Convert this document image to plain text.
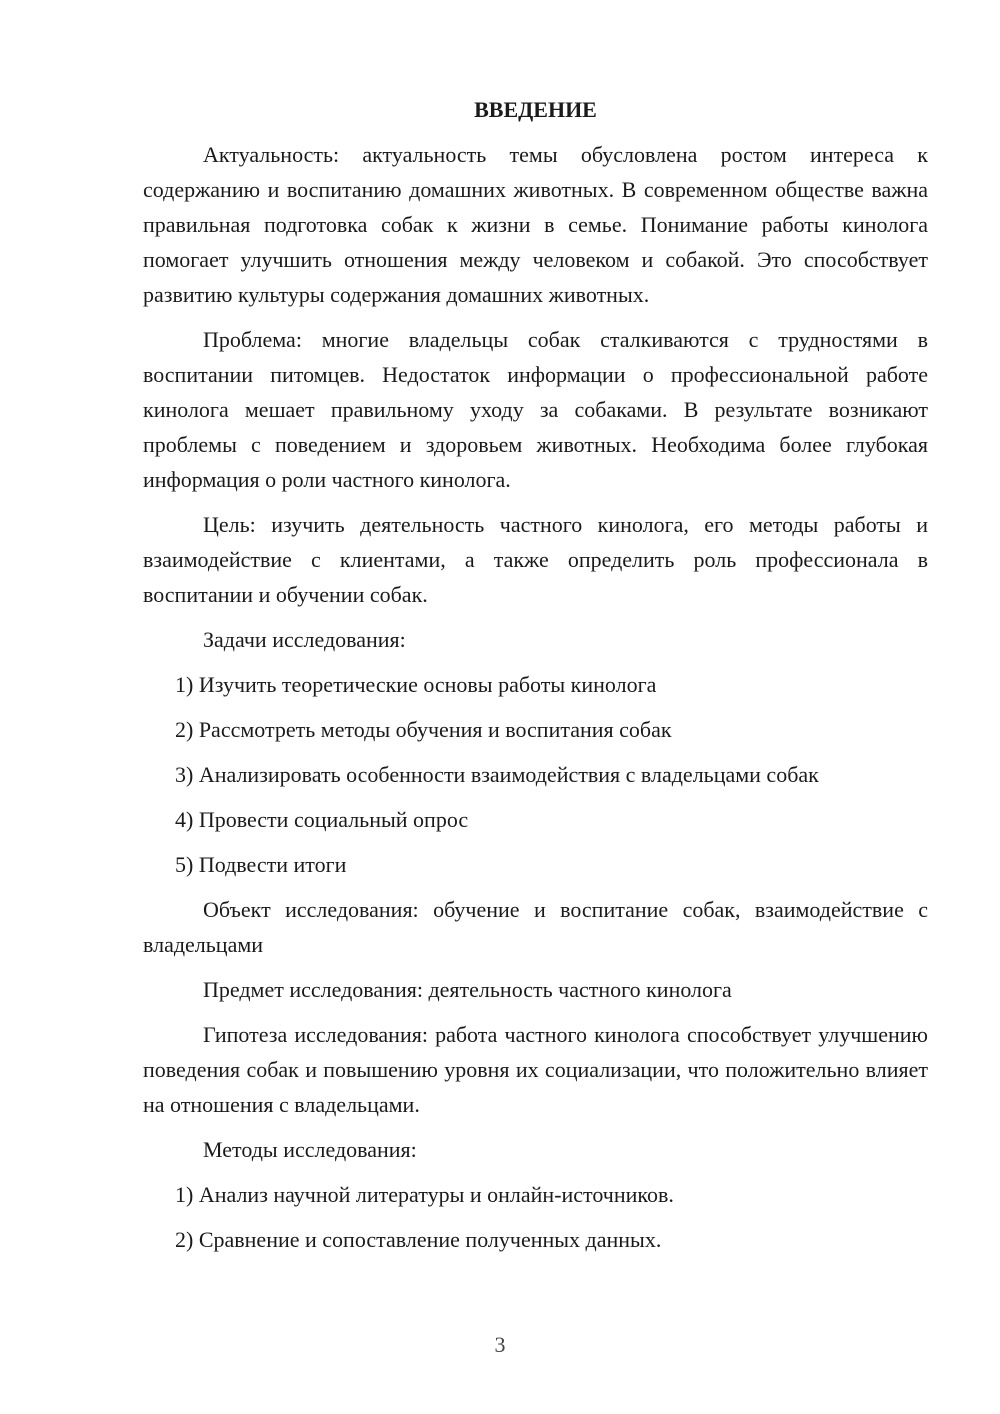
ВВЕДЕНИЕ

Актуальность: актуальность темы обусловлена ростом интереса к содержанию и воспитанию домашних животных. В современном обществе важна правильная подготовка собак к жизни в семье. Понимание работы кинолога помогает улучшить отношения между человеком и собакой. Это способствует развитию культуры содержания домашних животных.

Проблема: многие владельцы собак сталкиваются с трудностями в воспитании питомцев. Недостаток информации о профессиональной работе кинолога мешает правильному уходу за собаками. В результате возникают проблемы с поведением и здоровьем животных. Необходима более глубокая информация о роли частного кинолога.

Цель: изучить деятельность частного кинолога, его методы работы и взаимодействие с клиентами, а также определить роль профессионала в воспитании и обучении собак.

Задачи исследования:

1) Изучить теоретические основы работы кинолога

2) Рассмотреть методы обучения и воспитания собак

3) Анализировать особенности взаимодействия с владельцами собак

4) Провести социальный опрос

5) Подвести итоги

Объект исследования: обучение и воспитание собак, взаимодействие с владельцами

Предмет исследования: деятельность частного кинолога

Гипотеза исследования: работа частного кинолога способствует улучшению поведения собак и повышению уровня их социализации, что положительно влияет на отношения с владельцами.

Методы исследования:

1) Анализ научной литературы и онлайн-источников.

2) Сравнение и сопоставление полученных данных.

3
